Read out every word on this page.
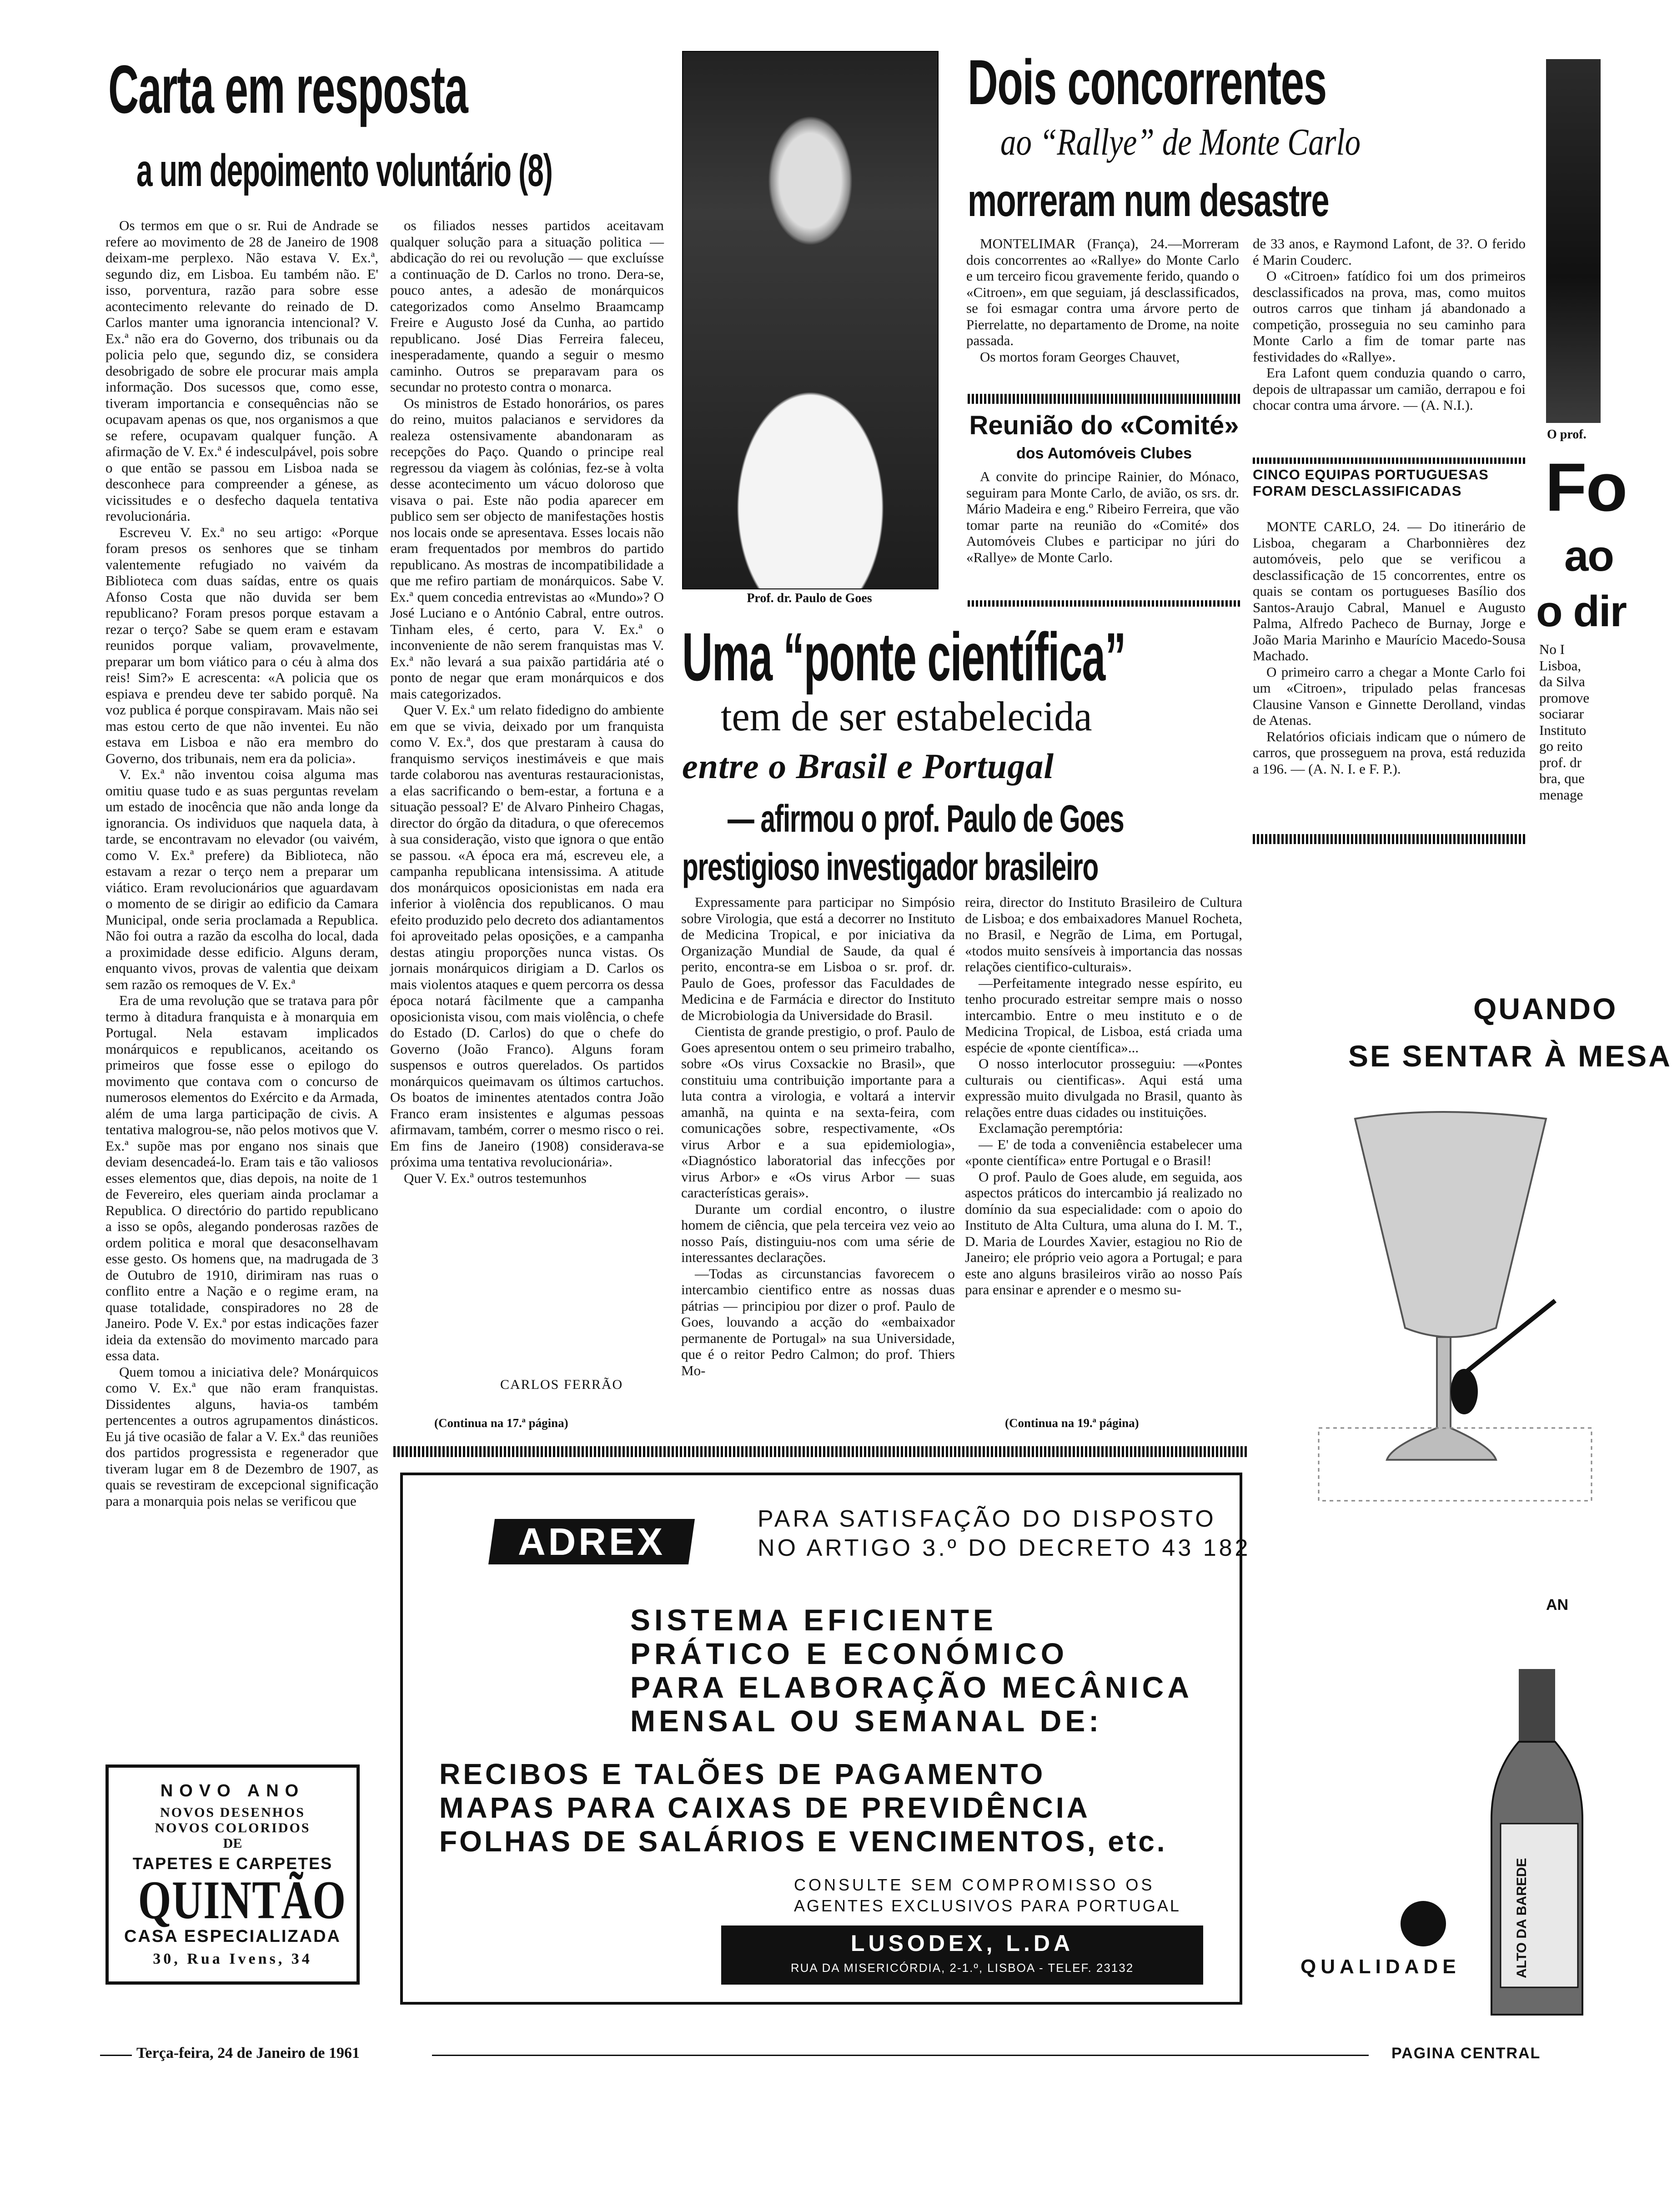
Carta em resposta
a um depoimento voluntário (8)

Os termos em que o sr. Rui de Andrade se refere ao movimento de 28 de Janeiro de 1908 deixam-me perplexo. Não estava V. Ex.ª, segundo diz, em Lisboa. Eu também não. E' isso, porventura, razão para sobre esse acontecimento relevante do reinado de D. Carlos manter uma ignorancia intencional? V. Ex.ª não era do Governo, dos tribunais ou da policia pelo que, segundo diz, se considera desobrigado de sobre ele procurar mais ampla informação. Dos sucessos que, como esse, tiveram importancia e consequências não se ocupavam apenas os que, nos organismos a que se refere, ocupavam qualquer função. A afirmação de V. Ex.ª é indesculpável, pois sobre o que então se passou em Lisboa nada se desconhece para compreender a génese, as vicissitudes e o desfecho daquela tentativa revolucionária.

Escreveu V. Ex.ª no seu artigo: «Porque foram presos os senhores que se tinham valentemente refugiado no vaivém da Biblioteca com duas saídas, entre os quais Afonso Costa que não duvida ser bem republicano? Foram presos porque estavam a rezar o terço? Sabe se quem eram e estavam reunidos porque valiam, provavelmente, preparar um bom viático para o céu à alma dos reis! Sim?» E acrescenta: «A policia que os espiava e prendeu deve ter sabido porquê. Na voz publica é porque conspiravam. Mais não sei mas estou certo de que não inventei. Eu não estava em Lisboa e não era membro do Governo, dos tribunais, nem era da policia».

V. Ex.ª não inventou coisa alguma mas omitiu quase tudo e as suas perguntas revelam um estado de inocência que não anda longe da ignorancia. Os individuos que naquela data, à tarde, se encontravam no elevador (ou vaivém, como V. Ex.ª prefere) da Biblioteca, não estavam a rezar o terço nem a preparar um viático. Eram revolucionários que aguardavam o momento de se dirigir ao edificio da Camara Municipal, onde seria proclamada a Republica. Não foi outra a razão da escolha do local, dada a proximidade desse edificio. Alguns deram, enquanto vivos, provas de valentia que deixam sem razão os remoques de V. Ex.ª

Era de uma revolução que se tratava para pôr termo à ditadura franquista e à monarquia em Portugal. Nela estavam implicados monárquicos e republicanos, aceitando os primeiros que fosse esse o epilogo do movimento que contava com o concurso de numerosos elementos do Exército e da Armada, além de uma larga participação de civis. A tentativa malogrou-se, não pelos motivos que V. Ex.ª supõe mas por engano nos sinais que deviam desencadeá-lo. Eram tais e tão valiosos esses elementos que, dias depois, na noite de 1 de Fevereiro, eles queriam ainda proclamar a Republica. O directório do partido republicano a isso se opôs, alegando ponderosas razões de ordem politica e moral que desaconselhavam esse gesto. Os homens que, na madrugada de 3 de Outubro de 1910, dirimiram nas ruas o conflito entre a Nação e o regime eram, na quase totalidade, conspiradores no 28 de Janeiro. Pode V. Ex.ª por estas indicações fazer ideia da extensão do movimento marcado para essa data.

Quem tomou a iniciativa dele? Monárquicos como V. Ex.ª que não eram franquistas. Dissidentes alguns, havia-os também pertencentes a outros agrupamentos dinásticos. Eu já tive ocasião de falar a V. Ex.ª das reuniões dos partidos progressista e regenerador que tiveram lugar em 8 de Dezembro de 1907, as quais se revestiram de excepcional significação para a monarquia pois nelas se verificou que

os filiados nesses partidos aceitavam qualquer solução para a situação politica — abdicação do rei ou revolução — que excluísse a continuação de D. Carlos no trono. Dera-se, pouco antes, a adesão de monárquicos categorizados como Anselmo Braamcamp Freire e Augusto José da Cunha, ao partido republicano. José Dias Ferreira faleceu, inesperadamente, quando a seguir o mesmo caminho. Outros se preparavam para os secundar no protesto contra o monarca.

Os ministros de Estado honorários, os pares do reino, muitos palacianos e servidores da realeza ostensivamente abandonaram as recepções do Paço. Quando o principe real regressou da viagem às colónias, fez-se à volta desse acontecimento um vácuo doloroso que visava o pai. Este não podia aparecer em publico sem ser objecto de manifestações hostis nos locais onde se apresentava. Esses locais não eram frequentados por membros do partido republicano. As mostras de incompatibilidade a que me refiro partiam de monárquicos. Sabe V. Ex.ª quem concedia entrevistas ao «Mundo»? O José Luciano e o António Cabral, entre outros. Tinham eles, é certo, para V. Ex.ª o inconveniente de não serem franquistas mas V. Ex.ª não levará a sua paixão partidária até o ponto de negar que eram monárquicos e dos mais categorizados.

Quer V. Ex.ª um relato fidedigno do ambiente em que se vivia, deixado por um franquista como V. Ex.ª, dos que prestaram à causa do franquismo serviços inestimáveis e que mais tarde colaborou nas aventuras restauracionistas, a elas sacrificando o bem-estar, a fortuna e a situação pessoal? E' de Alvaro Pinheiro Chagas, director do órgão da ditadura, o que oferecemos à sua consideração, visto que ignora o que então se passou. «A época era má, escreveu ele, a campanha republicana intensissima. A atitude dos monárquicos oposicionistas em nada era inferior à violência dos republicanos. O mau efeito produzido pelo decreto dos adiantamentos foi aproveitado pelas oposições, e a campanha destas atingiu proporções nunca vistas. Os jornais monárquicos dirigiam a D. Carlos os mais violentos ataques e quem percorra os dessa época notará fàcilmente que a campanha oposicionista visou, com mais violência, o chefe do Estado (D. Carlos) do que o chefe do Governo (João Franco). Alguns foram suspensos e outros querelados. Os partidos monárquicos queimavam os últimos cartuchos. Os boatos de iminentes atentados contra João Franco eram insistentes e algumas pessoas afirmavam, também, correr o mesmo risco o rei. Em fins de Janeiro (1908) considerava-se próxima uma tentativa revolucionária».

Quer V. Ex.ª outros testemunhos

CARLOS FERRÃO
(Continua na 17.ª página)
NOVO ANO
NOVOS DESENHOS
NOVOS COLORIDOS
DE
TAPETES E CARPETES
QUINTÃO
CASA ESPECIALIZADA
30, Rua Ivens, 34
Prof. dr. Paulo de Goes
Dois concorrentes
ao “Rallye” de Monte Carlo
morreram num desastre

MONTELIMAR (França), 24.—Morreram dois concorrentes ao «Rallye» do Monte Carlo e um terceiro ficou gravemente ferido, quando o «Citroen», em que seguiam, já desclassificados, se foi esmagar contra uma árvore perto de Pierrelatte, no departamento de Drome, na noite passada.

Os mortos foram Georges Chauvet,

Reunião do «Comité»
dos Automóveis Clubes

A convite do principe Rainier, do Mónaco, seguiram para Monte Carlo, de avião, os srs. dr. Mário Madeira e eng.º Ribeiro Ferreira, que vão tomar parte na reunião do «Comité» dos Automóveis Clubes e participar no júri do «Rallye» de Monte Carlo.

de 33 anos, e Raymond Lafont, de 3?. O ferido é Marin Couderc.

O «Citroen» fatídico foi um dos primeiros desclassificados na prova, mas, como muitos outros carros que tinham já abandonado a competição, prosseguia no seu caminho para Monte Carlo a fim de tomar parte nas festividades do «Rallye».

Era Lafont quem conduzia quando o carro, depois de ultrapassar um camião, derrapou e foi chocar contra uma árvore. — (A. N.I.).

CINCO EQUIPAS PORTUGUESAS FORAM DESCLASSIFICADAS

MONTE CARLO, 24. — Do itinerário de Lisboa, chegaram a Charbonnières dez automóveis, pelo que se verificou a desclassificação de 15 concorrentes, entre os quais se contam os portugueses Basílio dos Santos-Araujo Cabral, Manuel e Augusto Palma, Alfredo Pacheco de Burnay, Jorge e João Maria Marinho e Maurício Macedo-Sousa Machado.

O primeiro carro a chegar a Monte Carlo foi um «Citroen», tripulado pelas francesas Clausine Vanson e Ginnette Derolland, vindas de Atenas.

Relatórios oficiais indicam que o número de carros, que prosseguem na prova, está reduzida a 196. — (A. N. I. e F. P.).

Uma “ponte científica”
tem de ser estabelecida
entre o Brasil e Portugal
— afirmou o prof. Paulo de Goes
prestigioso investigador brasileiro

Expressamente para participar no Simpósio sobre Virologia, que está a decorrer no Instituto de Medicina Tropical, e por iniciativa da Organização Mundial de Saude, da qual é perito, encontra-se em Lisboa o sr. prof. dr. Paulo de Goes, professor das Faculdades de Medicina e de Farmácia e director do Instituto de Microbiologia da Universidade do Brasil.

Cientista de grande prestigio, o prof. Paulo de Goes apresentou ontem o seu primeiro trabalho, sobre «Os virus Coxsackie no Brasil», que constituiu uma contribuição importante para a luta contra a virologia, e voltará a intervir amanhã, na quinta e na sexta-feira, com comunicações sobre, respectivamente, «Os virus Arbor e a sua epidemiologia», «Diagnóstico laboratorial das infecções por virus Arbor» e «Os virus Arbor — suas características gerais».

Durante um cordial encontro, o ilustre homem de ciência, que pela terceira vez veio ao nosso País, distinguiu-nos com uma série de interessantes declarações.

—Todas as circunstancias favorecem o intercambio cientifico entre as nossas duas pátrias — principiou por dizer o prof. Paulo de Goes, louvando a acção do «embaixador permanente de Portugal» na sua Universidade, que é o reitor Pedro Calmon; do prof. Thiers Mo-

reira, director do Instituto Brasileiro de Cultura de Lisboa; e dos embaixadores Manuel Rocheta, no Brasil, e Negrão de Lima, em Portugal, «todos muito sensíveis à importancia das nossas relações cientifico-culturais».

—Perfeitamente integrado nesse espírito, eu tenho procurado estreitar sempre mais o nosso intercambio. Entre o meu instituto e o de Medicina Tropical, de Lisboa, está criada uma espécie de «ponte científica»...

O nosso interlocutor prosseguiu: —«Pontes culturais ou cientificas». Aqui está uma expressão muito divulgada no Brasil, quanto às relações entre duas cidades ou instituições.

Exclamação peremptória:

— E' de toda a conveniência estabelecer uma «ponte científica» entre Portugal e o Brasil!

O prof. Paulo de Goes alude, em seguida, aos aspectos práticos do intercambio já realizado no domínio da sua especialidade: com o apoio do Instituto de Alta Cultura, uma aluna do I. M. T., D. Maria de Lourdes Xavier, estagiou no Rio de Janeiro; ele próprio veio agora a Portugal; e para este ano alguns brasileiros virão ao nosso País para ensinar e aprender e o mesmo su-

(Continua na 19.ª página)
ADREX
PARA SATISFAÇÃO DO DISPOSTO
NO ARTIGO 3.º DO DECRETO 43 182
SISTEMA EFICIENTE
PRÁTICO E ECONÓMICO
PARA ELABORAÇÃO MECÂNICA
MENSAL OU SEMANAL DE:
RECIBOS E TALÕES DE PAGAMENTO
MAPAS PARA CAIXAS DE PREVIDÊNCIA
FOLHAS DE SALÁRIOS E VENCIMENTOS, etc.
CONSULTE SEM COMPROMISSO OS
AGENTES EXCLUSIVOS PARA PORTUGAL
LUSODEX, L.DA
RUA DA MISERICÓRDIA, 2-1.º, LISBOA - TELEF. 23132
O prof.
Fo
ao
o dir
No I
Lisboa,
da Silva
promove
sociarar
Instituto
go reito
prof. dr
bra, que
menage
QUANDO
SE SENTAR À MESA
AN
ALTO DA BAREDE
QUALIDADE
Terça-feira, 24 de Janeiro de 1961	PAGINA CENTRAL
